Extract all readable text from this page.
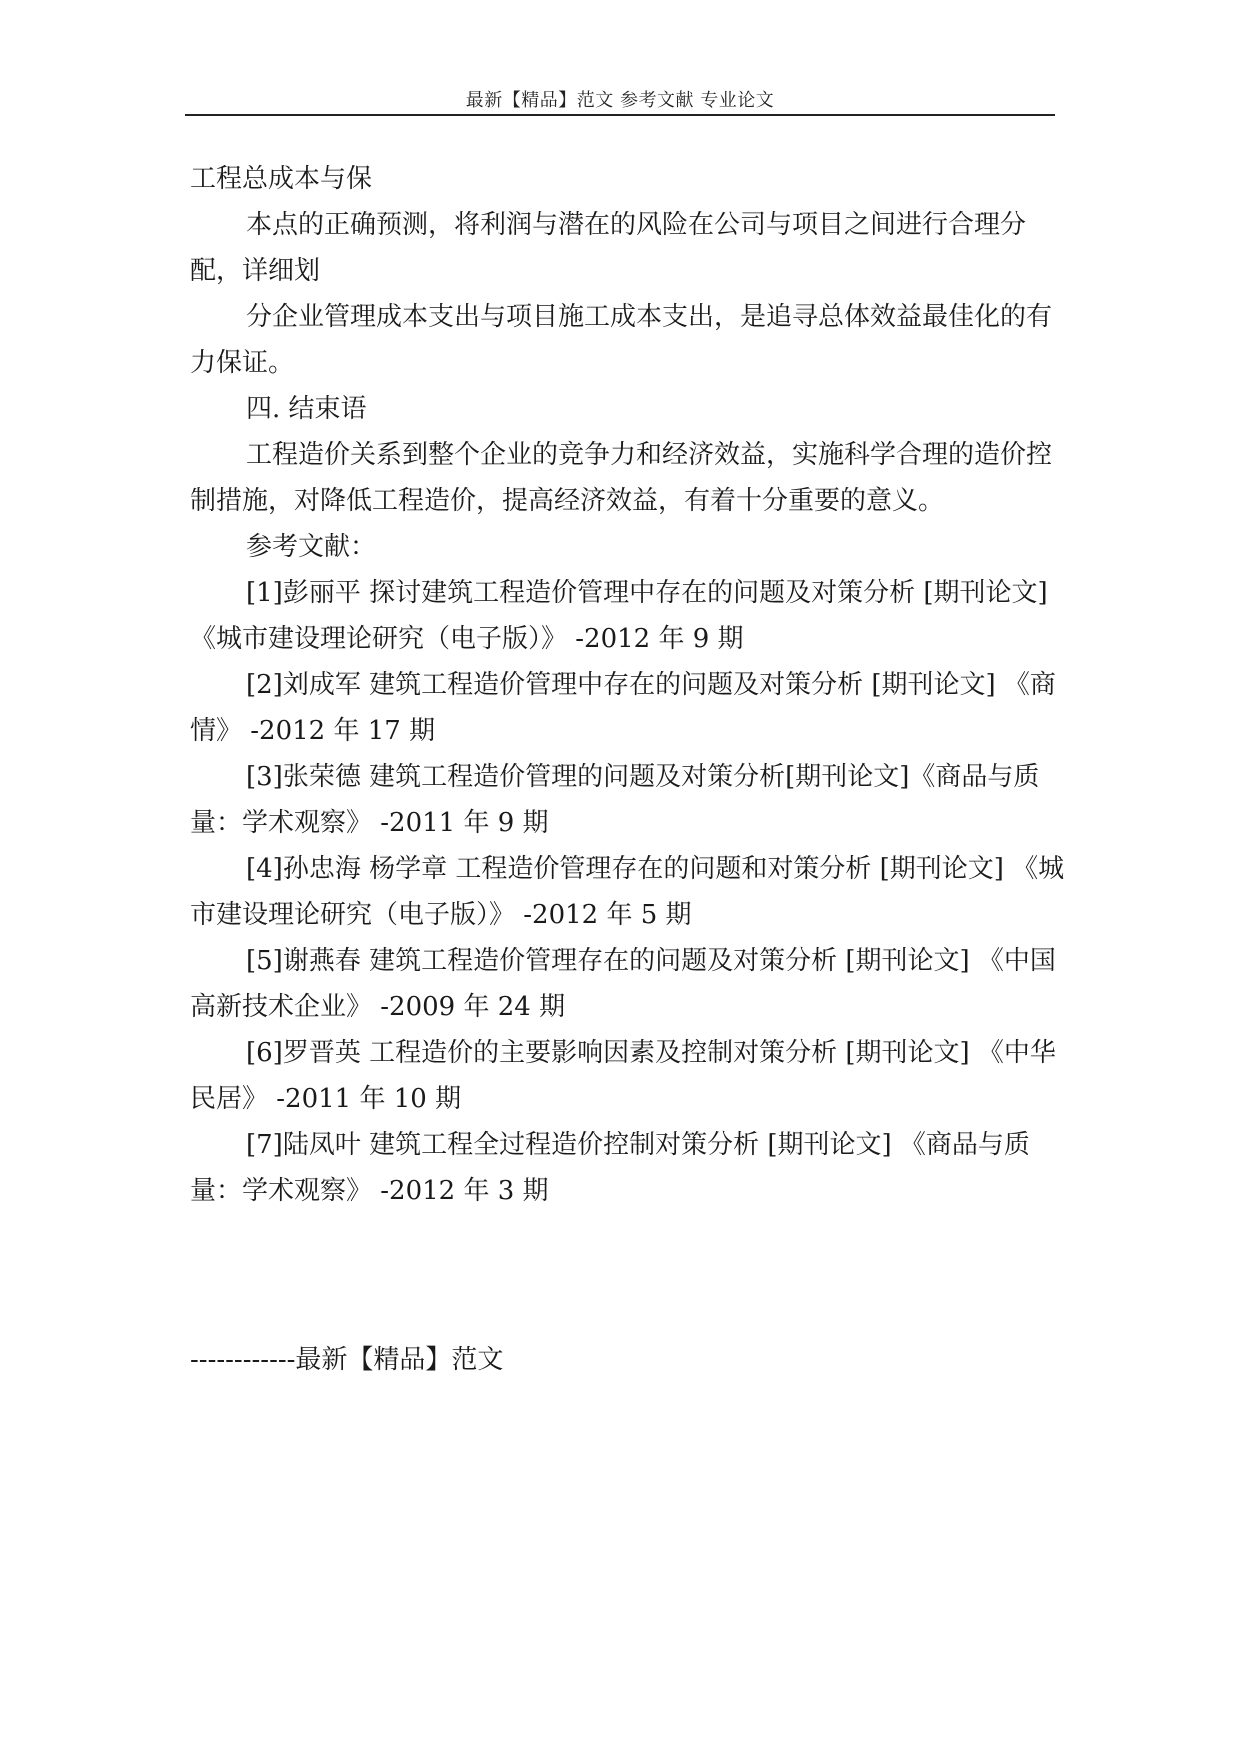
最新【精品】范文 参考文献 专业论文

工程总成本与保

本点的正确预测，将利润与潜在的风险在公司与项目之间进行合理分配，详细划

分企业管理成本支出与项目施工成本支出，是追寻总体效益最佳化的有力保证。

四. 结束语

工程造价关系到整个企业的竞争力和经济效益，实施科学合理的造价控制措施，对降低工程造价，提高经济效益，有着十分重要的意义。

参考文献：

[1]彭丽平 探讨建筑工程造价管理中存在的问题及对策分析 [期刊论文] 《城市建设理论研究（电子版）》 -2012 年 9 期

[2]刘成军 建筑工程造价管理中存在的问题及对策分析 [期刊论文] 《商情》 -2012 年 17 期

[3]张荣德 建筑工程造价管理的问题及对策分析[期刊论文]《商品与质量：学术观察》 -2011 年 9 期

[4]孙忠海 杨学章 工程造价管理存在的问题和对策分析 [期刊论文] 《城市建设理论研究（电子版）》 -2012 年 5 期

[5]谢燕春 建筑工程造价管理存在的问题及对策分析 [期刊论文] 《中国高新技术企业》 -2009 年 24 期

[6]罗晋英 工程造价的主要影响因素及控制对策分析 [期刊论文] 《中华民居》 -2011 年 10 期

[7]陆凤叶 建筑工程全过程造价控制对策分析 [期刊论文] 《商品与质量：学术观察》 -2012 年 3 期

------------最新【精品】范文
